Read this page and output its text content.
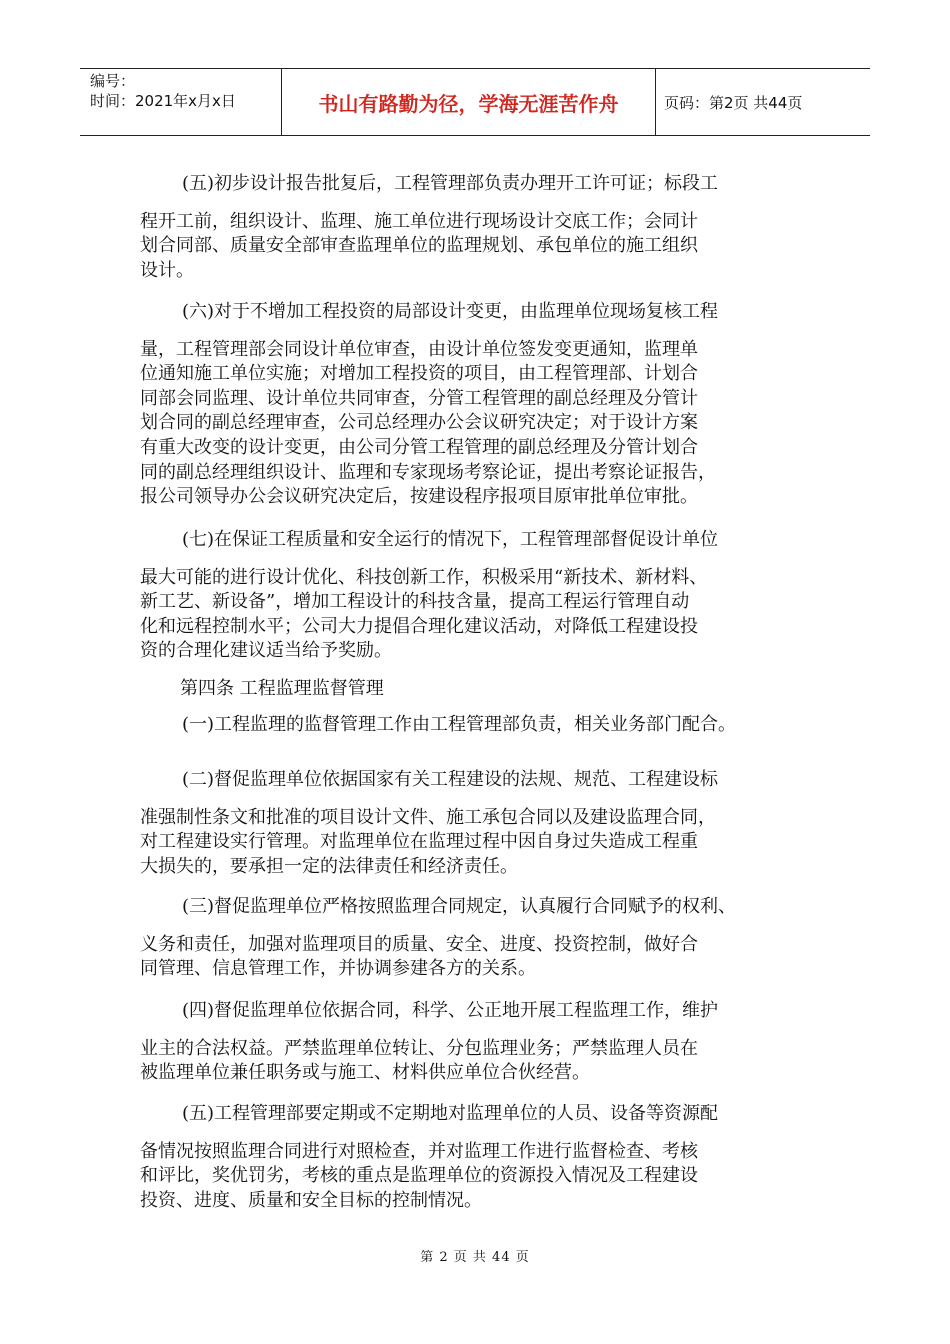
编号：
时间：2021年x月x日	书山有路勤为径，学海无涯苦作舟	页码：第2页 共44页
(五)初步设计报告批复后，工程管理部负责办理开工许可证；标段工
程开工前，组织设计、监理、施工单位进行现场设计交底工作；会同计
划合同部、质量安全部审查监理单位的监理规划、承包单位的施工组织
设计。
(六)对于不增加工程投资的局部设计变更，由监理单位现场复核工程
量，工程管理部会同设计单位审查，由设计单位签发变更通知，监理单
位通知施工单位实施；对增加工程投资的项目，由工程管理部、计划合
同部会同监理、设计单位共同审查，分管工程管理的副总经理及分管计
划合同的副总经理审查，公司总经理办公会议研究决定；对于设计方案
有重大改变的设计变更，由公司分管工程管理的副总经理及分管计划合
同的副总经理组织设计、监理和专家现场考察论证，提出考察论证报告，
报公司领导办公会议研究决定后，按建设程序报项目原审批单位审批。
(七)在保证工程质量和安全运行的情况下，工程管理部督促设计单位
最大可能的进行设计优化、科技创新工作，积极采用“新技术、新材料、
新工艺、新设备”，增加工程设计的科技含量，提高工程运行管理自动
化和远程控制水平；公司大力提倡合理化建议活动，对降低工程建设投
资的合理化建议适当给予奖励。
(一)工程监理的监督管理工作由工程管理部负责，相关业务部门配合。
(二)督促监理单位依据国家有关工程建设的法规、规范、工程建设标
准强制性条文和批准的项目设计文件、施工承包合同以及建设监理合同，
对工程建设实行管理。对监理单位在监理过程中因自身过失造成工程重
大损失的，要承担一定的法律责任和经济责任。
(三)督促监理单位严格按照监理合同规定，认真履行合同赋予的权利、
义务和责任，加强对监理项目的质量、安全、进度、投资控制，做好合
同管理、信息管理工作，并协调参建各方的关系。
(四)督促监理单位依据合同，科学、公正地开展工程监理工作，维护
业主的合法权益。严禁监理单位转让、分包监理业务；严禁监理人员在
被监理单位兼任职务或与施工、材料供应单位合伙经营。
(五)工程管理部要定期或不定期地对监理单位的人员、设备等资源配
备情况按照监理合同进行对照检查，并对监理工作进行监督检查、考核
和评比，奖优罚劣，考核的重点是监理单位的资源投入情况及工程建设
投资、进度、质量和安全目标的控制情况。
第四条 工程监理监督管理
第 2 页 共 44 页
